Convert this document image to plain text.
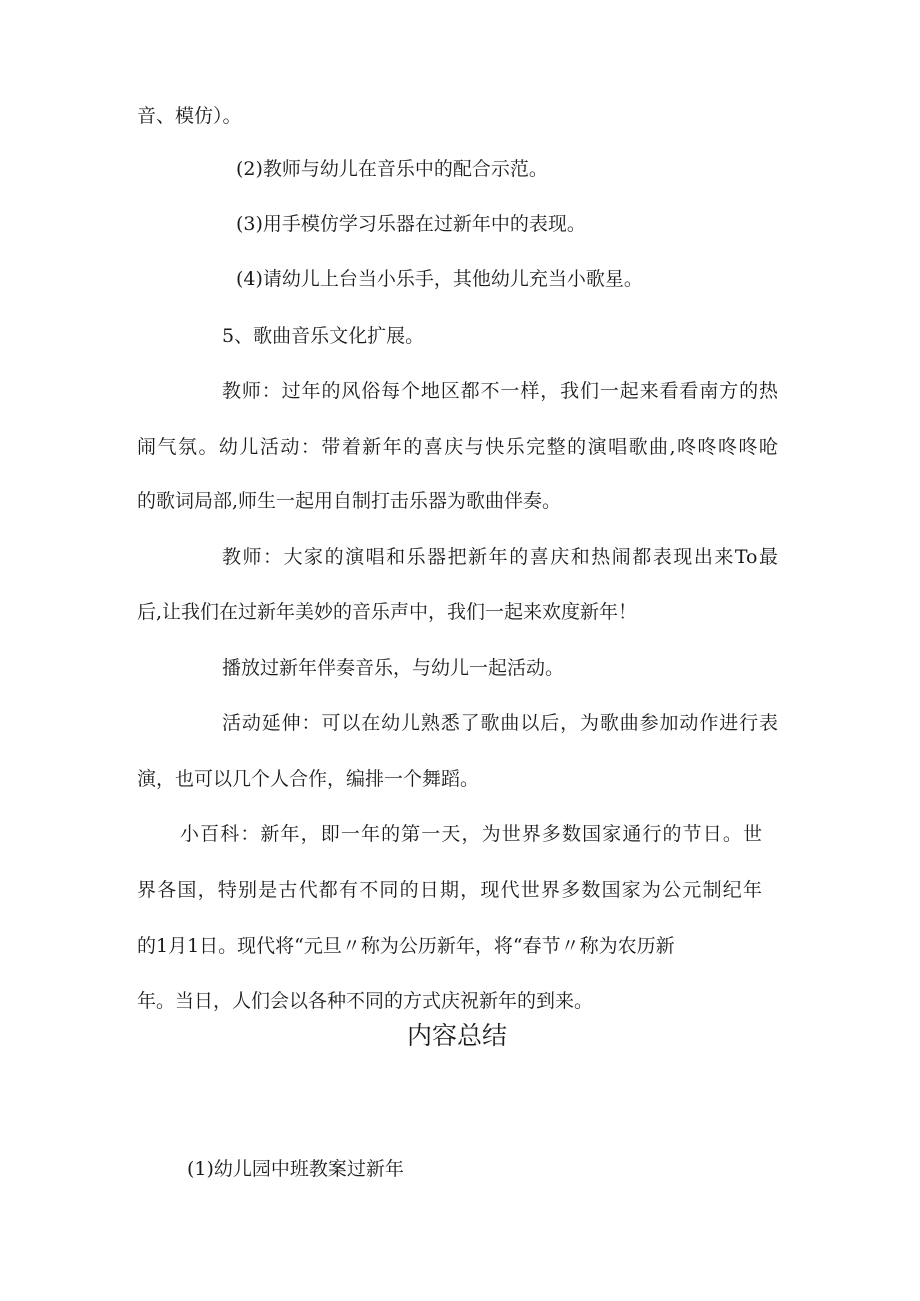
音、模仿）。

(2)教师与幼儿在音乐中的配合示范。

(3)用手模仿学习乐器在过新年中的表现。

(4)请幼儿上台当小乐手，其他幼儿充当小歌星。

5、歌曲音乐文化扩展。

教师：过年的风俗每个地区都不一样，我们一起来看看南方的热

闹气氛。幼儿活动：带着新年的喜庆与快乐完整的演唱歌曲,咚咚咚咚呛

的歌词局部,师生一起用自制打击乐器为歌曲伴奏。

教师：大家的演唱和乐器把新年的喜庆和热闹都表现出来To最

后,让我们在过新年美妙的音乐声中，我们一起来欢度新年！

播放过新年伴奏音乐，与幼儿一起活动。

活动延伸：可以在幼儿熟悉了歌曲以后，为歌曲参加动作进行表

演，也可以几个人合作，编排一个舞蹈。

小百科：新年，即一年的第一天，为世界多数国家通行的节日。世

界各国，特别是古代都有不同的日期，现代世界多数国家为公元制纪年

的1月1日。现代将“元旦〃称为公历新年，将“春节〃称为农历新

年。当日，人们会以各种不同的方式庆祝新年的到来。

内容总结

(1)幼儿园中班教案过新年
